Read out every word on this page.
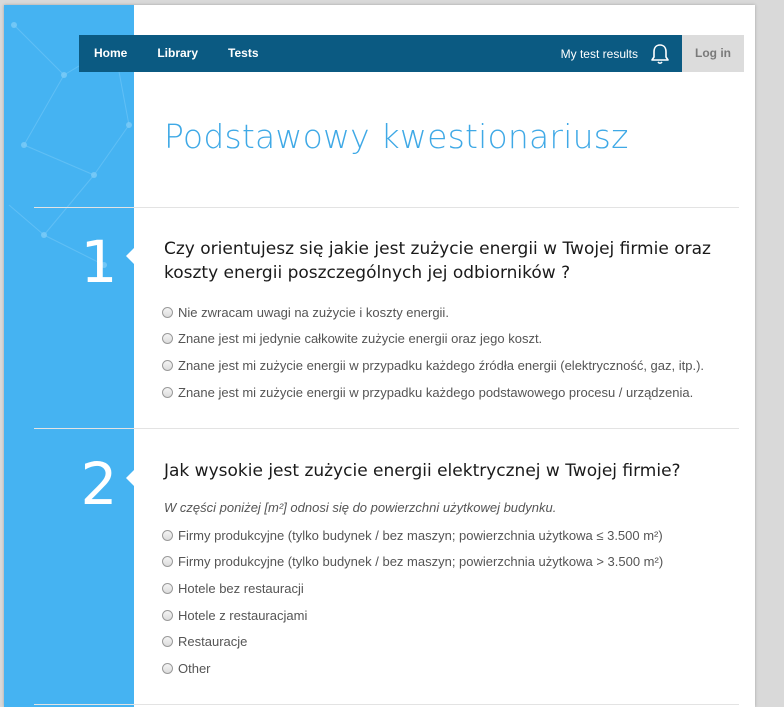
Home	Library	Tests	My test results	Log in
Podstawowy kwestionariusz
1	Czy orientujesz się jakie jest zużycie energii w Twojej firmie oraz koszty energii poszczególnych jej odbiorników ?
Nie zwracam uwagi na zużycie i koszty energii.
Znane jest mi jedynie całkowite zużycie energii oraz jego koszt.
Znane jest mi zużycie energii w przypadku każdego źródła energii (elektryczność, gaz, itp.).
Znane jest mi zużycie energii w przypadku każdego podstawowego procesu / urządzenia.
2	Jak wysokie jest zużycie energii elektrycznej w Twojej firmie?
W części poniżej [m²] odnosi się do powierzchni użytkowej budynku.
Firmy produkcyjne (tylko budynek / bez maszyn; powierzchnia użytkowa ≤ 3.500 m²)
Firmy produkcyjne (tylko budynek / bez maszyn; powierzchnia użytkowa > 3.500 m²)
Hotele bez restauracji
Hotele z restauracjami
Restauracje
Other
